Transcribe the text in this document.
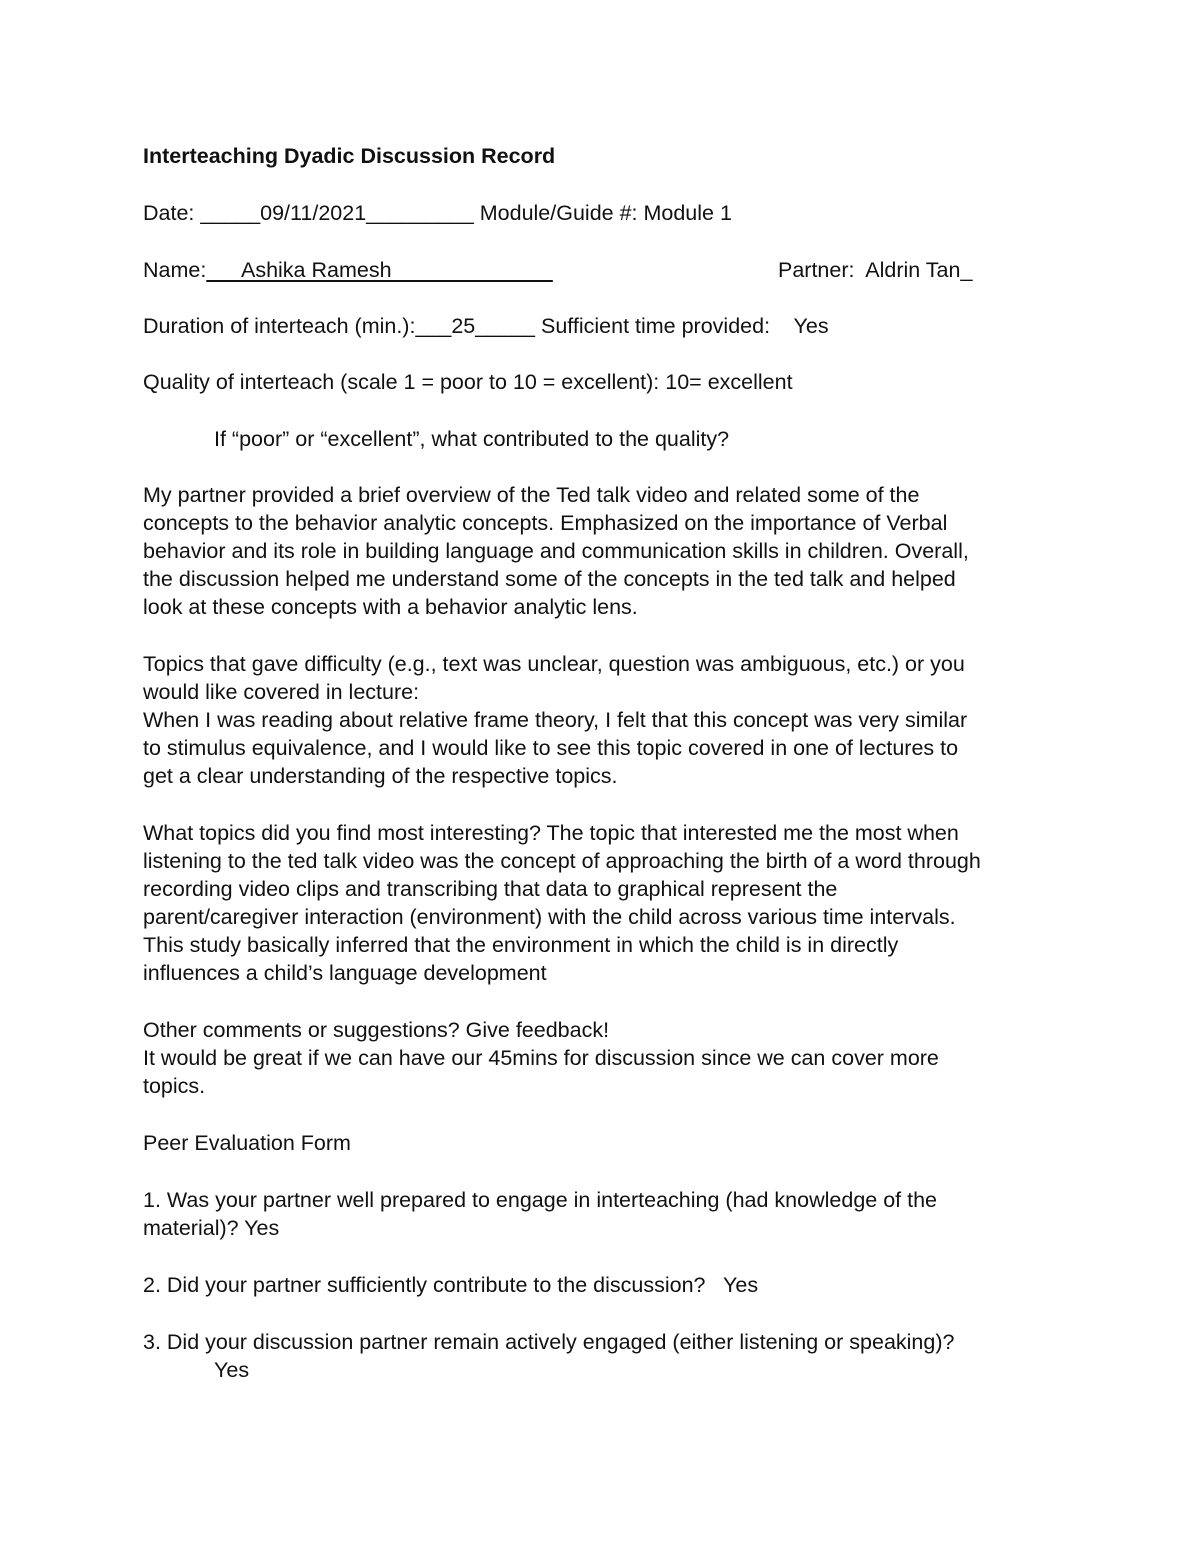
Interteaching Dyadic Discussion Record
Date: _____09/11/2021_________ Module/Guide #: Module 1
Name:      Ashika Ramesh	Partner:  Aldrin Tan_
Duration of interteach (min.):___25_____ Sufficient time provided:    Yes
Quality of interteach (scale 1 = poor to 10 = excellent): 10= excellent
If “poor” or “excellent”, what contributed to the quality?
My partner provided a brief overview of the Ted talk video and related some of the
concepts to the behavior analytic concepts. Emphasized on the importance of Verbal
behavior and its role in building language and communication skills in children. Overall,
the discussion helped me understand some of the concepts in the ted talk and helped
look at these concepts with a behavior analytic lens.
Topics that gave difficulty (e.g., text was unclear, question was ambiguous, etc.) or you
would like covered in lecture:
When I was reading about relative frame theory, I felt that this concept was very similar
to stimulus equivalence, and I would like to see this topic covered in one of lectures to
get a clear understanding of the respective topics.
What topics did you find most interesting? The topic that interested me the most when
listening to the ted talk video was the concept of approaching the birth of a word through
recording video clips and transcribing that data to graphical represent the
parent/caregiver interaction (environment) with the child across various time intervals.
This study basically inferred that the environment in which the child is in directly
influences a child’s language development
Other comments or suggestions? Give feedback!
It would be great if we can have our 45mins for discussion since we can cover more
topics.
Peer Evaluation Form
1. Was your partner well prepared to engage in interteaching (had knowledge of the
material)? Yes
2. Did your partner sufficiently contribute to the discussion?   Yes
3. Did your discussion partner remain actively engaged (either listening or speaking)?
Yes
